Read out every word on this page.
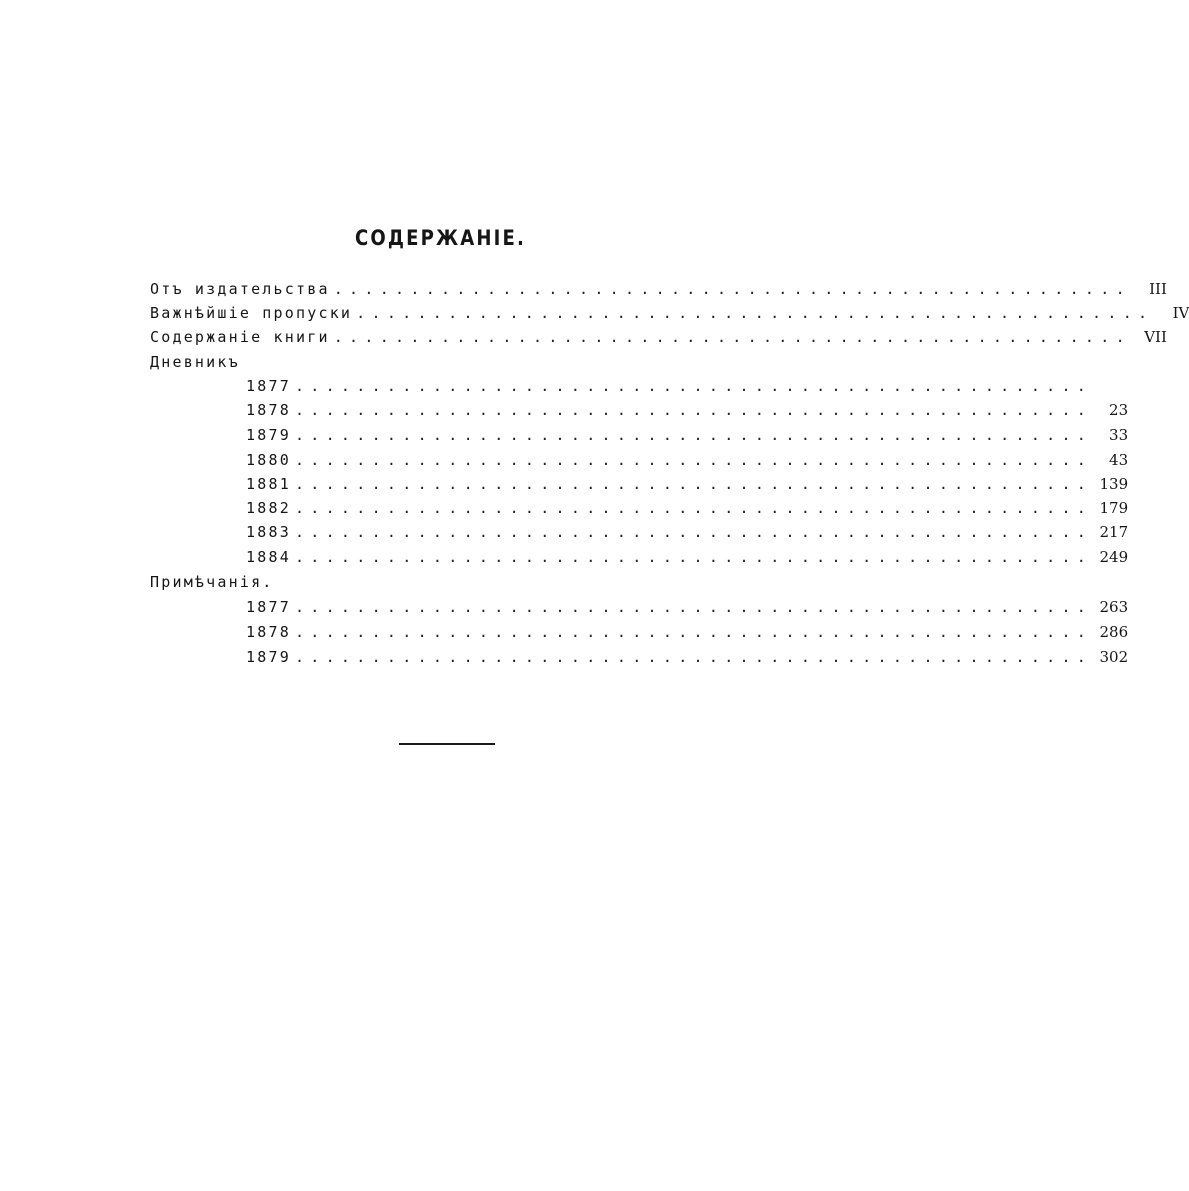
СОДЕРЖАНІЕ.
Отъ издательства ....................................................	III
Важнѣйшіе пропуски ....................................................	IV
Содержаніе книги .................................................... VII
Дневникъ
1877 ....................................................
1878 ....................................................	23
1879 ....................................................	33
1880 ....................................................	43
1881 .................................................... 139
1882 .................................................... 179
1883 .................................................... 217
1884 .................................................... 249
Примѣчанія.
1877 .................................................... 263
1878 .................................................... 286
1879 .................................................... 302
